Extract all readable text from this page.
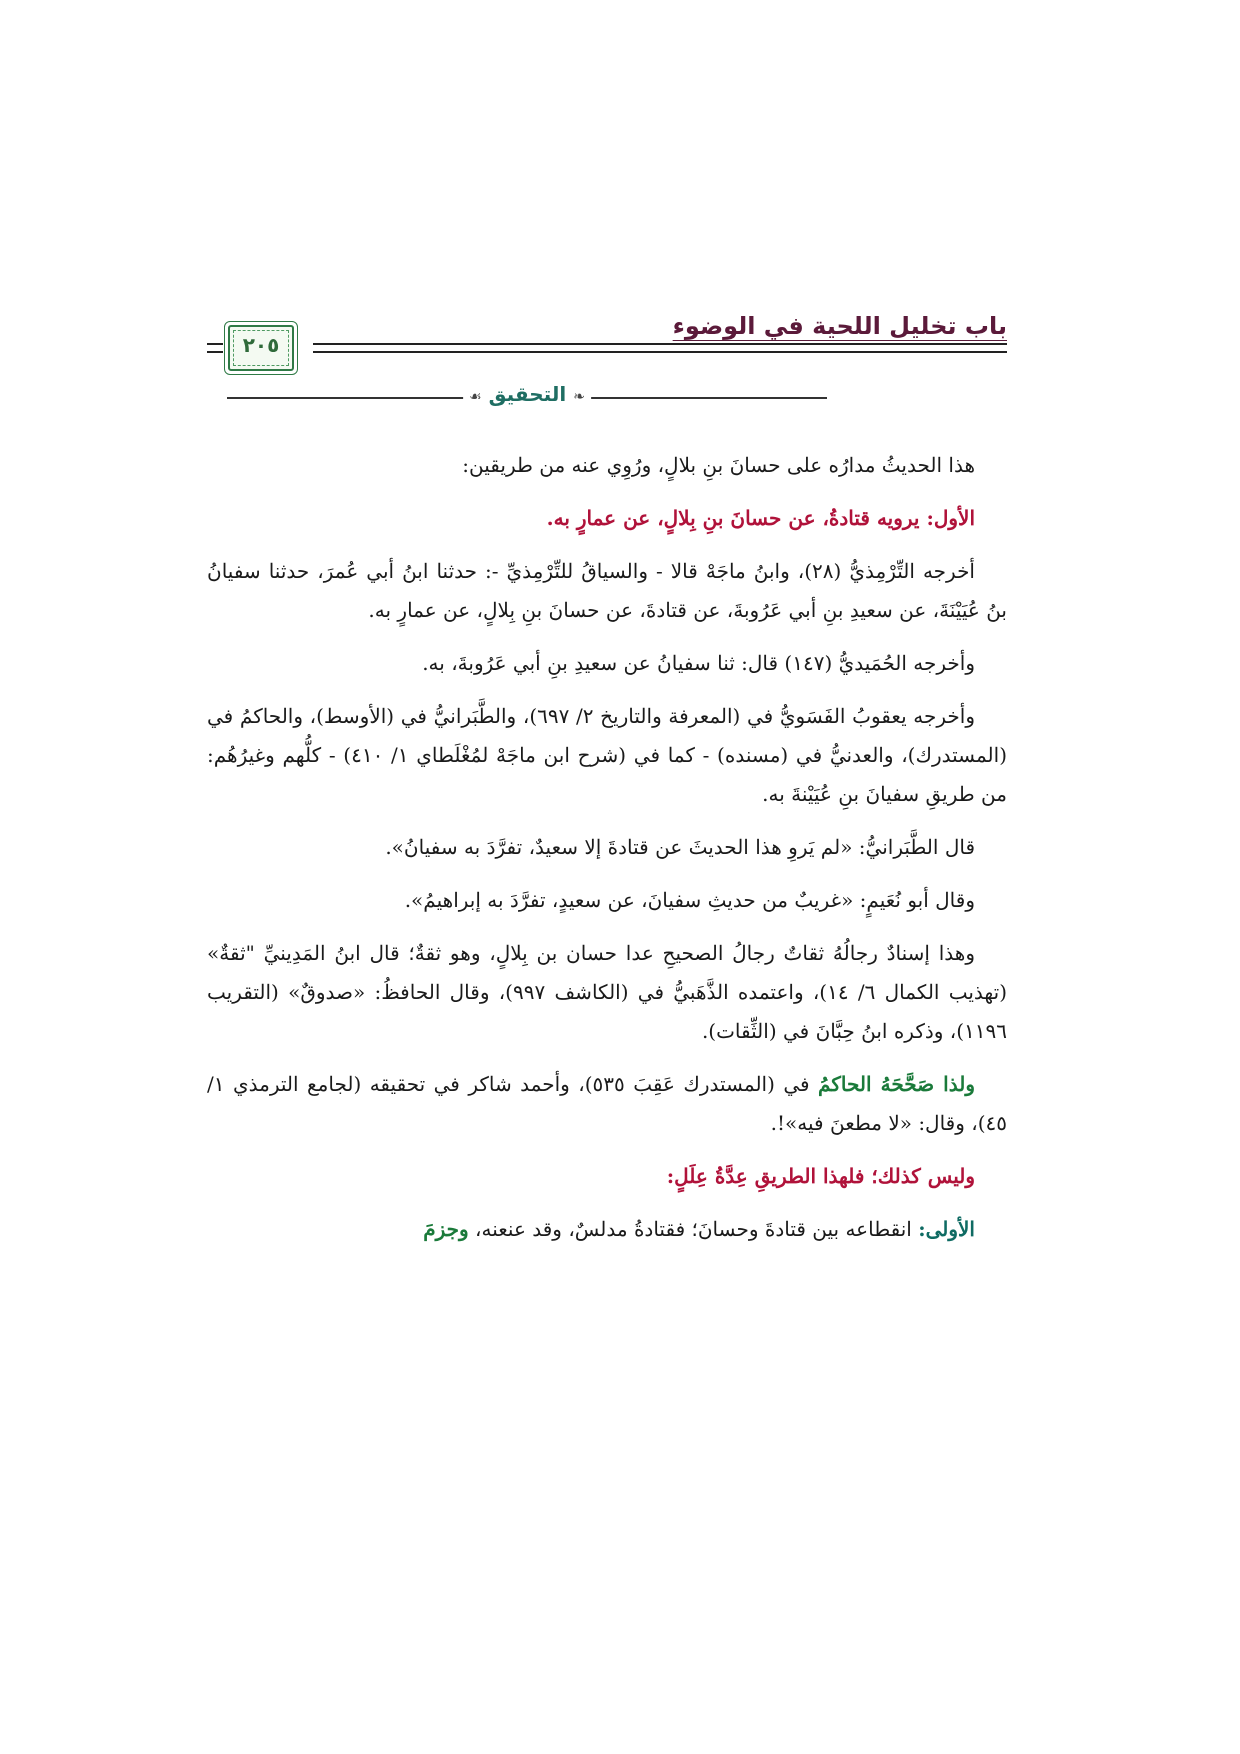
باب تخليل اللحية في الوضوء
٢٠٥
❧ التحقيق ☙

هذا الحديثُ مدارُه على حسانَ بنِ بلالٍ، ورُوِي عنه من طريقين:

الأول: يرويه قتادةُ، عن حسانَ بنِ بِلالٍ، عن عمارٍ به.

أخرجه التِّرْمِذيُّ (٢٨)، وابنُ ماجَهْ قالا - والسياقُ للتِّرْمِذيِّ -: حدثنا ابنُ أبي عُمرَ، حدثنا سفيانُ بنُ عُيَيْنَةَ، عن سعيدِ بنِ أبي عَرُوبةَ، عن قتادةَ، عن حسانَ بنِ بِلالٍ، عن عمارٍ به.

وأخرجه الحُمَيديُّ (١٤٧) قال: ثنا سفيانُ عن سعيدِ بنِ أبي عَرُوبةَ، به.

وأخرجه يعقوبُ الفَسَويُّ في (المعرفة والتاريخ ٢/ ٦٩٧)، والطَّبَرانيُّ في (الأوسط)، والحاكمُ في (المستدرك)، والعدنيُّ في (مسنده) - كما في (شرح ابن ماجَهْ لمُغْلَطاي ١/ ٤١٠) - كلُّهم وغيرُهُم: من طريقِ سفيانَ بنِ عُيَيْنةَ به.

قال الطَّبَرانيُّ: «لم يَروِ هذا الحديثَ عن قتادةَ إلا سعيدٌ، تفرَّدَ به سفيانُ».

وقال أبو نُعَيمٍ: «غريبٌ من حديثِ سفيانَ، عن سعيدٍ، تفرَّدَ به إبراهيمُ».

وهذا إسنادٌ رجالُهُ ثقاتٌ رجالُ الصحيحِ عدا حسان بن بِلالٍ، وهو ثقةٌ؛ قال ابنُ المَدِينيِّ "ثقةٌ» (تهذيب الكمال ٦/ ١٤)، واعتمده الذَّهَبيُّ في (الكاشف ٩٩٧)، وقال الحافظُ: «صدوقٌ» (التقريب ١١٩٦)، وذكره ابنُ حِبَّانَ في (الثِّقات).

ولذا صَحَّحَهُ الحاكمُ في (المستدرك عَقِبَ ٥٣٥)، وأحمد شاكر في تحقيقه (لجامع الترمذي ١/ ٤٥)، وقال: «لا مطعنَ فيه»!.

وليس كذلك؛ فلهذا الطريقِ عِدَّةُ عِلَلٍ:

الأولى: انقطاعه بين قتادةَ وحسانَ؛ فقتادةُ مدلسٌ، وقد عنعنه، وجزمَ
